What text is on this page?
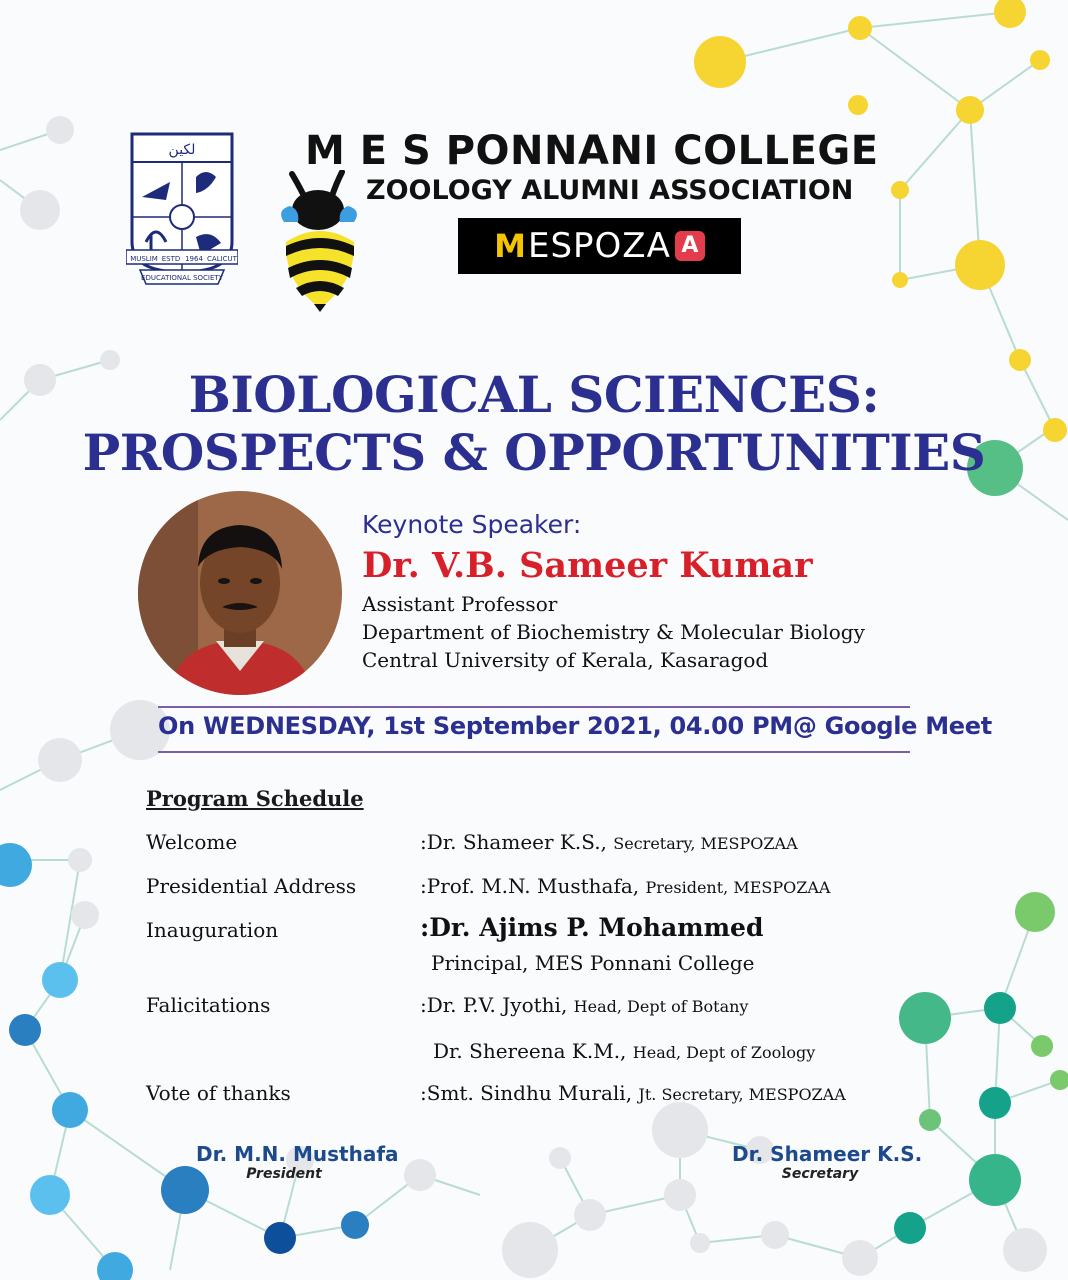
لكين
MUSLIM ESTD 1964 CALICUT
EDUCATIONAL SOCIETY
M E S PONNANI COLLEGE
ZOOLOGY ALUMNI ASSOCIATION
M ESPOZA A
BIOLOGICAL SCIENCES:
PROSPECTS & OPPORTUNITIES
Keynote Speaker:
Dr. V.B. Sameer Kumar
Assistant Professor
Department of Biochemistry & Molecular Biology
Central University of Kerala, Kasaragod
On WEDNESDAY, 1st September 2021, 04.00 PM@ Google Meet
Program Schedule
Welcome	:Dr. Shameer K.S., Secretary, MESPOZAA
Presidential Address	:Prof. M.N. Musthafa, President, MESPOZAA
Inauguration	:Dr. Ajims P. Mohammed
Principal, MES Ponnani College
Falicitations	:Dr. P.V. Jyothi, Head, Dept of Botany
Dr. Shereena K.M., Head, Dept of Zoology
Vote of thanks	:Smt. Sindhu Murali, Jt. Secretary, MESPOZAA
Dr. M.N. Musthafa
President
Dr. Shameer K.S.
Secretary
